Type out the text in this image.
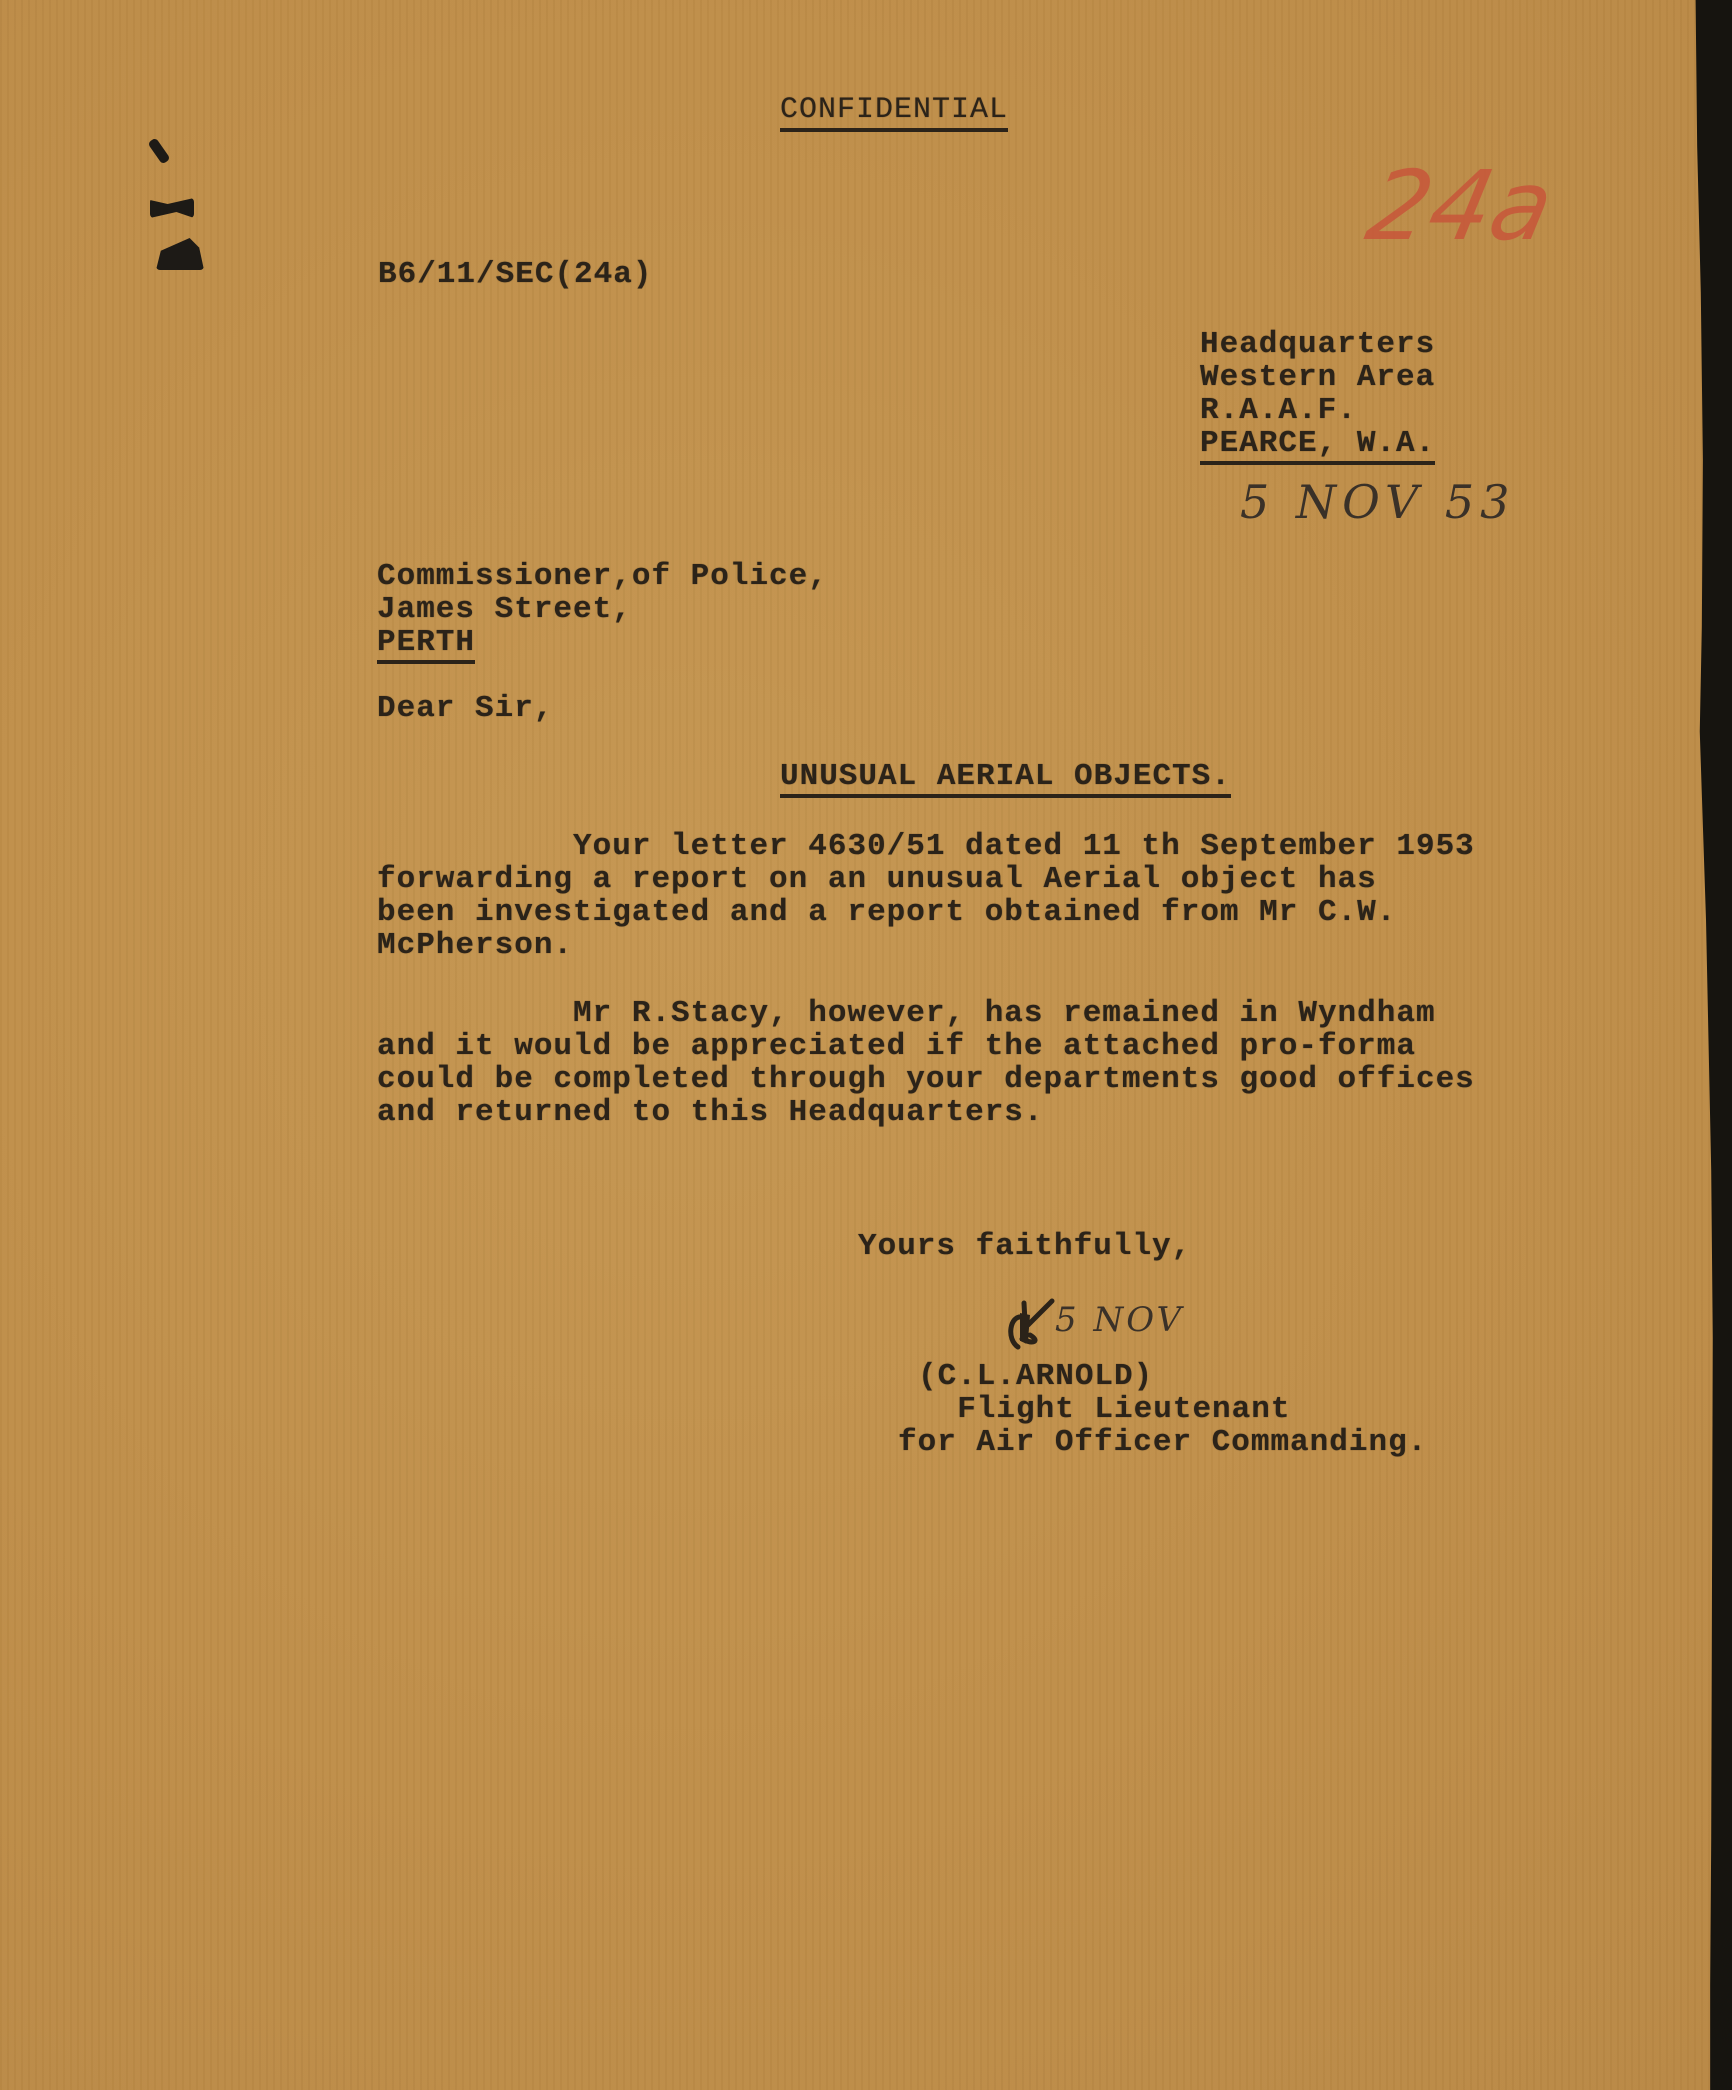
CONFIDENTIAL
24a
B6/11/SEC(24a)
Headquarters
Western Area
R.A.A.F.
PEARCE, W.A.
5 NOV 53
Commissioner,of Police,
James Street,
PERTH
Dear Sir,
UNUSUAL AERIAL OBJECTS.
Your letter 4630/51 dated 11 th September 1953
forwarding a report on an unusual Aerial object has
been investigated and a report obtained from Mr C.W.
McPherson.
Mr R.Stacy, however, has remained in Wyndham
and it would be appreciated if the attached pro-forma
could be completed through your departments good offices
and returned to this Headquarters.
Yours faithfully,
5 NOV
(C.L.ARNOLD)
Flight Lieutenant
for Air Officer Commanding.
